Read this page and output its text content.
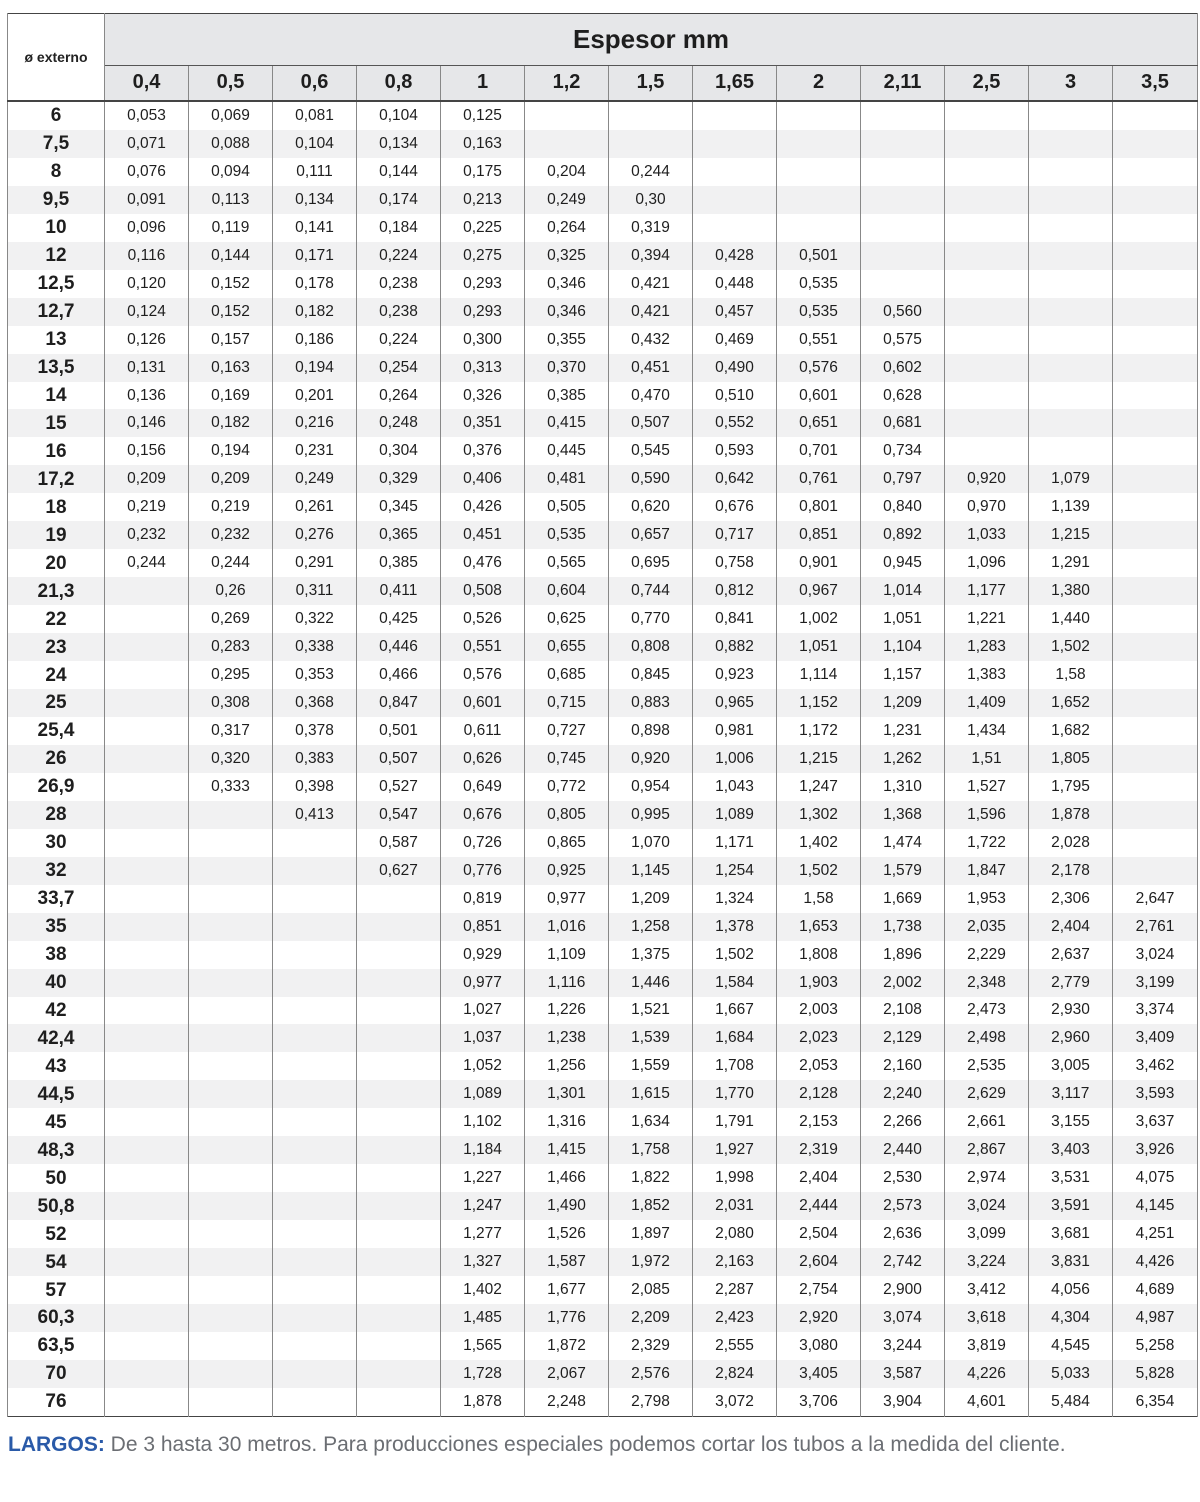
ø externo	Espesor mm												
	0,4	0,5	0,6	0,8	1	1,2	1,5	1,65	2	2,11	2,5	3	3,5
6	0,053	0,069	0,081	0,104	0,125								
7,5	0,071	0,088	0,104	0,134	0,163								
8	0,076	0,094	0,111	0,144	0,175	0,204	0,244						
9,5	0,091	0,113	0,134	0,174	0,213	0,249	0,30						
10	0,096	0,119	0,141	0,184	0,225	0,264	0,319						
12	0,116	0,144	0,171	0,224	0,275	0,325	0,394	0,428	0,501				
12,5	0,120	0,152	0,178	0,238	0,293	0,346	0,421	0,448	0,535				
12,7	0,124	0,152	0,182	0,238	0,293	0,346	0,421	0,457	0,535	0,560			
13	0,126	0,157	0,186	0,224	0,300	0,355	0,432	0,469	0,551	0,575			
13,5	0,131	0,163	0,194	0,254	0,313	0,370	0,451	0,490	0,576	0,602			
14	0,136	0,169	0,201	0,264	0,326	0,385	0,470	0,510	0,601	0,628			
15	0,146	0,182	0,216	0,248	0,351	0,415	0,507	0,552	0,651	0,681			
16	0,156	0,194	0,231	0,304	0,376	0,445	0,545	0,593	0,701	0,734			
17,2	0,209	0,209	0,249	0,329	0,406	0,481	0,590	0,642	0,761	0,797	0,920	1,079	
18	0,219	0,219	0,261	0,345	0,426	0,505	0,620	0,676	0,801	0,840	0,970	1,139	
19	0,232	0,232	0,276	0,365	0,451	0,535	0,657	0,717	0,851	0,892	1,033	1,215	
20	0,244	0,244	0,291	0,385	0,476	0,565	0,695	0,758	0,901	0,945	1,096	1,291	
21,3		0,26	0,311	0,411	0,508	0,604	0,744	0,812	0,967	1,014	1,177	1,380	
22		0,269	0,322	0,425	0,526	0,625	0,770	0,841	1,002	1,051	1,221	1,440	
23		0,283	0,338	0,446	0,551	0,655	0,808	0,882	1,051	1,104	1,283	1,502	
24		0,295	0,353	0,466	0,576	0,685	0,845	0,923	1,114	1,157	1,383	1,58	
25		0,308	0,368	0,847	0,601	0,715	0,883	0,965	1,152	1,209	1,409	1,652	
25,4		0,317	0,378	0,501	0,611	0,727	0,898	0,981	1,172	1,231	1,434	1,682	
26		0,320	0,383	0,507	0,626	0,745	0,920	1,006	1,215	1,262	1,51	1,805	
26,9		0,333	0,398	0,527	0,649	0,772	0,954	1,043	1,247	1,310	1,527	1,795	
28			0,413	0,547	0,676	0,805	0,995	1,089	1,302	1,368	1,596	1,878	
30				0,587	0,726	0,865	1,070	1,171	1,402	1,474	1,722	2,028	
32				0,627	0,776	0,925	1,145	1,254	1,502	1,579	1,847	2,178	
33,7					0,819	0,977	1,209	1,324	1,58	1,669	1,953	2,306	2,647
35					0,851	1,016	1,258	1,378	1,653	1,738	2,035	2,404	2,761
38					0,929	1,109	1,375	1,502	1,808	1,896	2,229	2,637	3,024
40					0,977	1,116	1,446	1,584	1,903	2,002	2,348	2,779	3,199
42					1,027	1,226	1,521	1,667	2,003	2,108	2,473	2,930	3,374
42,4					1,037	1,238	1,539	1,684	2,023	2,129	2,498	2,960	3,409
43					1,052	1,256	1,559	1,708	2,053	2,160	2,535	3,005	3,462
44,5					1,089	1,301	1,615	1,770	2,128	2,240	2,629	3,117	3,593
45					1,102	1,316	1,634	1,791	2,153	2,266	2,661	3,155	3,637
48,3					1,184	1,415	1,758	1,927	2,319	2,440	2,867	3,403	3,926
50					1,227	1,466	1,822	1,998	2,404	2,530	2,974	3,531	4,075
50,8					1,247	1,490	1,852	2,031	2,444	2,573	3,024	3,591	4,145
52					1,277	1,526	1,897	2,080	2,504	2,636	3,099	3,681	4,251
54					1,327	1,587	1,972	2,163	2,604	2,742	3,224	3,831	4,426
57					1,402	1,677	2,085	2,287	2,754	2,900	3,412	4,056	4,689
60,3					1,485	1,776	2,209	2,423	2,920	3,074	3,618	4,304	4,987
63,5					1,565	1,872	2,329	2,555	3,080	3,244	3,819	4,545	5,258
70					1,728	2,067	2,576	2,824	3,405	3,587	4,226	5,033	5,828
76					1,878	2,248	2,798	3,072	3,706	3,904	4,601	5,484	6,354
LARGOS: De 3 hasta 30 metros. Para producciones especiales podemos cortar los tubos a la medida del cliente.
